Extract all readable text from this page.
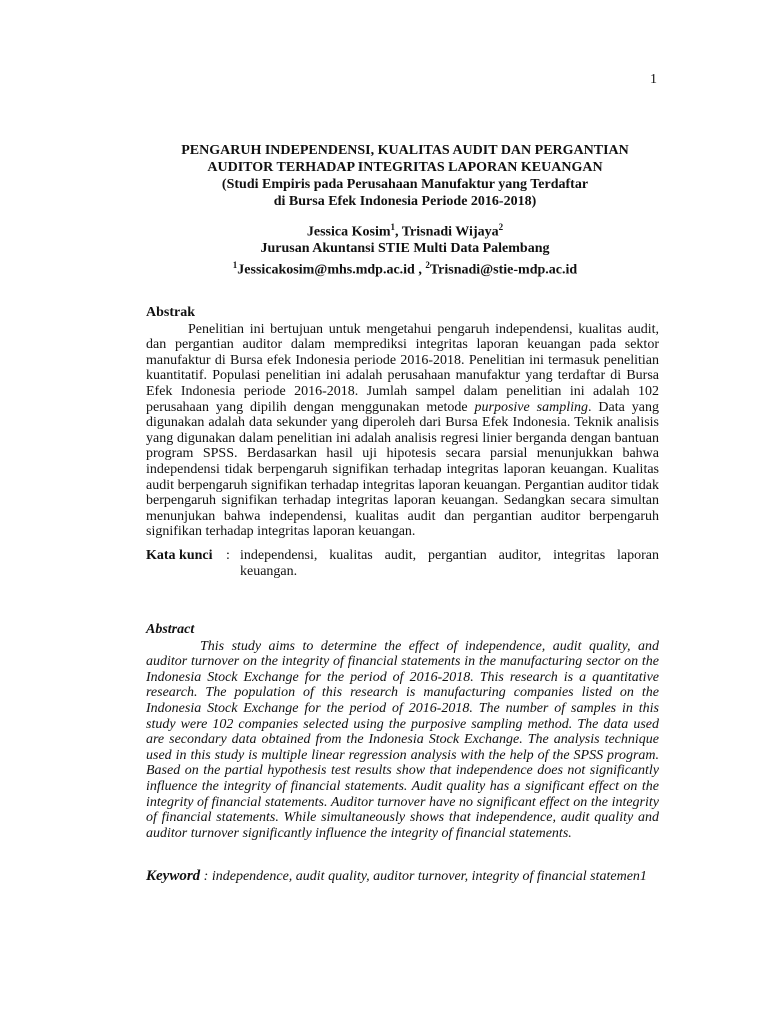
1
PENGARUH INDEPENDENSI, KUALITAS AUDIT DAN PERGANTIAN
AUDITOR TERHADAP INTEGRITAS LAPORAN KEUANGAN
(Studi Empiris pada Perusahaan Manufaktur yang Terdaftar
di Bursa Efek Indonesia Periode 2016-2018)
Jessica Kosim$^1$, Trisnadi Wijaya$^2$
Jurusan Akuntansi STIE Multi Data Palembang
$^1$Jessicakosim@mhs.mdp.ac.id , $^2$Trisnadi@stie-mdp.ac.id
Abstrak

Penelitian ini bertujuan untuk mengetahui pengaruh independensi, kualitas audit, dan pergantian auditor dalam memprediksi integritas laporan keuangan pada sektor manufaktur di Bursa efek Indonesia periode 2016-2018. Penelitian ini termasuk penelitian kuantitatif. Populasi penelitian ini adalah perusahaan manufaktur yang terdaftar di Bursa Efek Indonesia periode 2016-2018. Jumlah sampel dalam penelitian ini adalah 102 perusahaan yang dipilih dengan menggunakan metode purposive sampling. Data yang digunakan adalah data sekunder yang diperoleh dari Bursa Efek Indonesia. Teknik analisis yang digunakan dalam penelitian ini adalah analisis regresi linier berganda dengan bantuan program SPSS. Berdasarkan hasil uji hipotesis secara parsial menunjukkan bahwa independensi tidak berpengaruh signifikan terhadap integritas laporan keuangan. Kualitas audit berpengaruh signifikan terhadap integritas laporan keuangan. Pergantian auditor tidak berpengaruh signifikan terhadap integritas laporan keuangan. Sedangkan secara simultan menunjukan bahwa independensi, kualitas audit dan pergantian auditor berpengaruh signifikan terhadap integritas laporan keuangan.

Kata kunci : independensi, kualitas audit, pergantian auditor, integritas laporan keuangan.
Abstract

This study aims to determine the effect of independence, audit quality, and auditor turnover on the integrity of financial statements in the manufacturing sector on the Indonesia Stock Exchange for the period of 2016-2018. This research is a quantitative research. The population of this research is manufacturing companies listed on the Indonesia Stock Exchange for the period of 2016-2018. The number of samples in this study were 102 companies selected using the purposive sampling method. The data used are secondary data obtained from the Indonesia Stock Exchange. The analysis technique used in this study is multiple linear regression analysis with the help of the SPSS program. Based on the partial hypothesis test results show that independence does not significantly influence the integrity of financial statements. Audit quality has a significant effect on the integrity of financial statements. Auditor turnover have no significant effect on the integrity of financial statements. While simultaneously shows that independence, audit quality and auditor turnover significantly influence the integrity of financial statements.

Keyword : independence, audit quality, auditor turnover, integrity of financial statemen1
